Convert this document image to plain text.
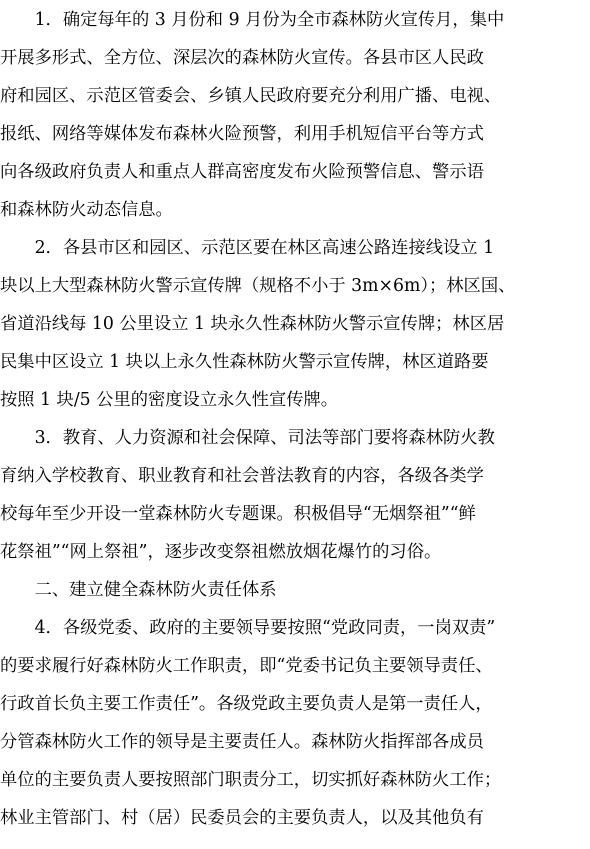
　　1．确定每年的 3 月份和 9 月份为全市森林防火宣传月，集中
开展多形式、全方位、深层次的森林防火宣传。各县市区人民政
府和园区、示范区管委会、乡镇人民政府要充分利用广播、电视、
报纸、网络等媒体发布森林火险预警，利用手机短信平台等方式
向各级政府负责人和重点人群高密度发布火险预警信息、警示语
和森林防火动态信息。
　　2．各县市区和园区、示范区要在林区高速公路连接线设立 1
块以上大型森林防火警示宣传牌（规格不小于 3m×6m）；林区国、
省道沿线每 10 公里设立 1 块永久性森林防火警示宣传牌；林区居
民集中区设立 1 块以上永久性森林防火警示宣传牌，林区道路要
按照 1 块/5 公里的密度设立永久性宣传牌。
　　3．教育、人力资源和社会保障、司法等部门要将森林防火教
育纳入学校教育、职业教育和社会普法教育的内容，各级各类学
校每年至少开设一堂森林防火专题课。积极倡导“无烟祭祖”“鲜
花祭祖”“网上祭祖”，逐步改变祭祖燃放烟花爆竹的习俗。
　　二、建立健全森林防火责任体系
　　4．各级党委、政府的主要领导要按照“党政同责，一岗双责”
的要求履行好森林防火工作职责，即“党委书记负主要领导责任、
行政首长负主要工作责任”。各级党政主要负责人是第一责任人，
分管森林防火工作的领导是主要责任人。森林防火指挥部各成员
单位的主要负责人要按照部门职责分工，切实抓好森林防火工作；
林业主管部门、村（居）民委员会的主要负责人，以及其他负有
